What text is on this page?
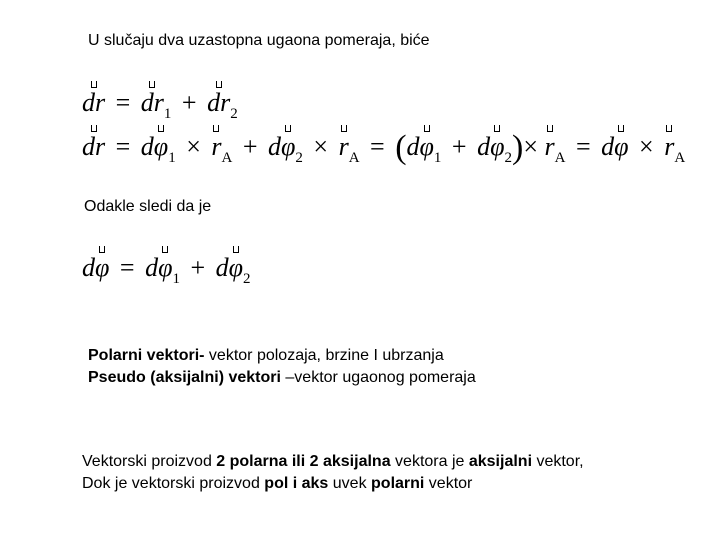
U slučaju dva uzastopna ugaona pomeraja, biće
dr = $dr_1 + dr_2$
dr = $d\varphi_1 \times r_A + d\varphi_2 \times r_A = (d\varphi_1 + d\varphi_2)\times r_A = d\varphi \times r_A$
Odakle sledi da je
$d\varphi = d\varphi_1 + d\varphi_2$
Polarni vektori- vektor polozaja, brzine I ubrzanja
Pseudo (aksijalni) vektori –vektor ugaonog pomeraja
Vektorski proizvod 2 polarna ili 2 aksijalna vektora je aksijalni vektor,
Dok je vektorski proizvod pol i aks uvek polarni vektor
